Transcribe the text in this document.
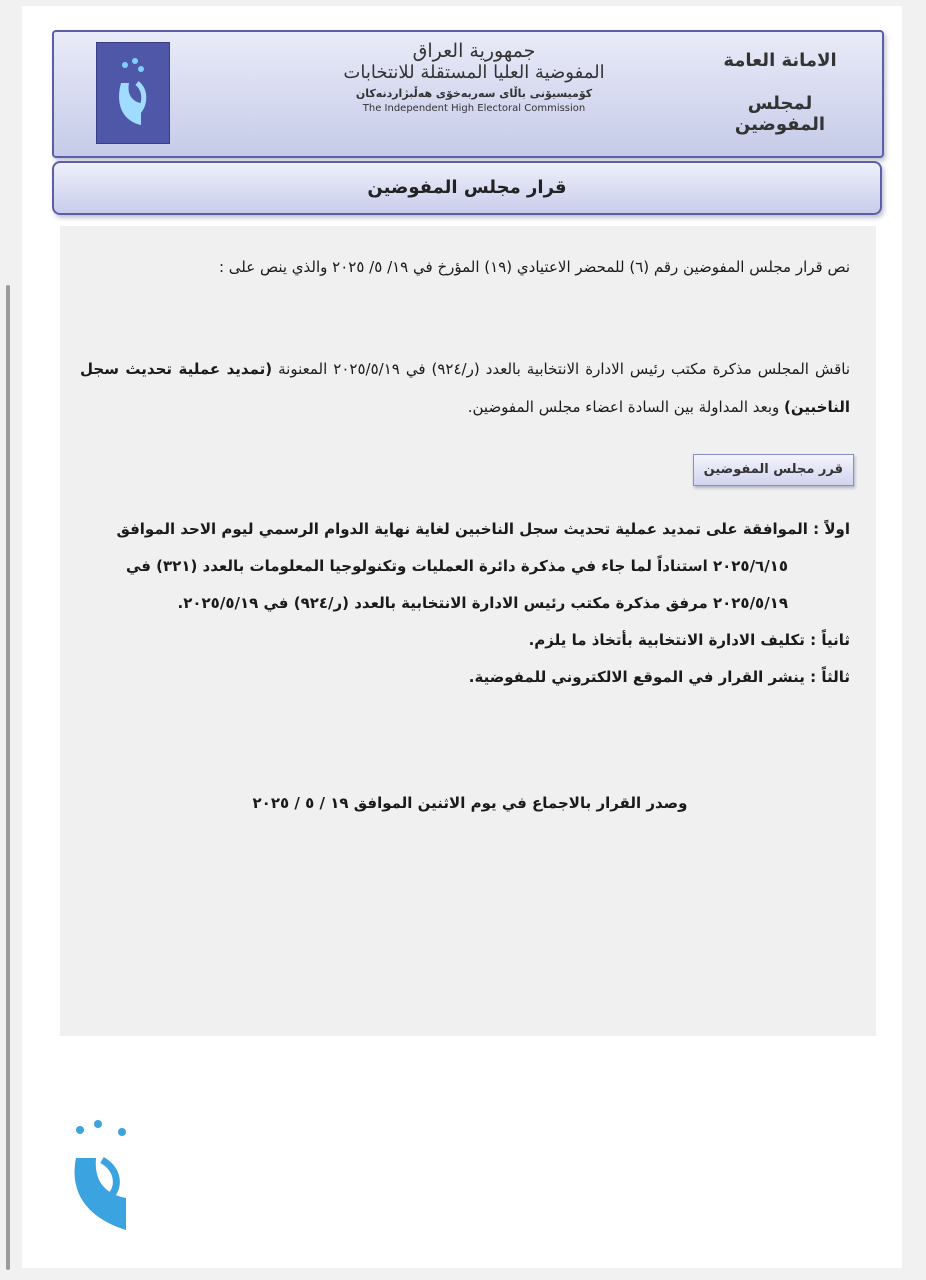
جمهورية العراق
المفوضية العليا المستقلة للانتخابات
کۆمیسیۆنی باڵای سەربەخۆی هەڵبژاردنەکان
The Independent High Electoral Commission
الامانة العامة
لمجلس المفوضين
قرار مجلس المفوضين
نص قرار مجلس المفوضين رقم (٦) للمحضر الاعتيادي (١٩) المؤرخ في ١٩/ ٥/ ٢٠٢٥ والذي ينص على :
ناقش المجلس مذكرة مكتب رئيس الادارة الانتخابية بالعدد (ر/٩٢٤) في ٢٠٢٥/٥/١٩ المعنونة (تمديد عملية تحديث سجل الناخبين) وبعد المداولة بين السادة اعضاء مجلس المفوضين.
قرر مجلس المفوضين
اولاً : الموافقة على تمديد عملية تحديث سجل الناخبين لغاية نهاية الدوام الرسمي ليوم الاحد الموافق
٢٠٢٥/٦/١٥ استناداً لما جاء في مذكرة دائرة العمليات وتكنولوجيا المعلومات بالعدد (٣٢١) في
٢٠٢٥/٥/١٩ مرفق مذكرة مكتب رئيس الادارة الانتخابية بالعدد (ر/٩٢٤) في ٢٠٢٥/٥/١٩.
ثانياً : تكليف الادارة الانتخابية بأتخاذ ما يلزم.
ثالثاً : ينشر القرار في الموقع الالكتروني للمفوضية.
وصدر القرار بالاجماع في يوم الاثنين الموافق ١٩ / ٥ / ٢٠٢٥
